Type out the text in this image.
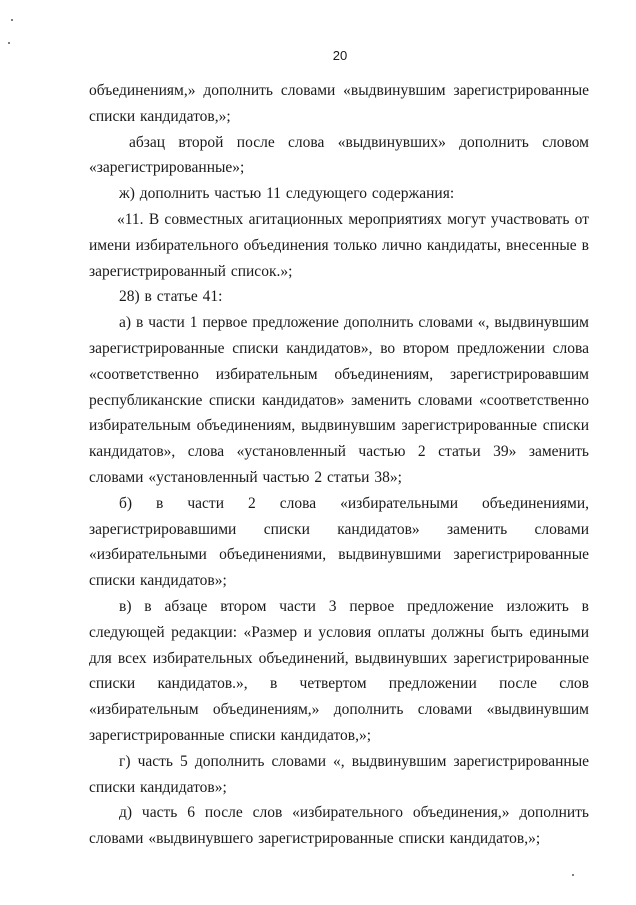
20

объединениям,» дополнить словами «выдвинувшим зарегистрированные списки кандидатов,»;

абзац второй после слова «выдвинувших» дополнить словом «зарегистрированные»;

ж) дополнить частью 11 следующего содержания:

«11. В совместных агитационных мероприятиях могут участвовать от имени избирательного объединения только лично кандидаты, внесенные в зарегистрированный список.»;

28) в статье 41:

а) в части 1 первое предложение дополнить словами «, выдвинувшим зарегистрированные списки кандидатов», во втором предложении слова «соответственно избирательным объединениям, зарегистрировавшим республиканские списки кандидатов» заменить словами «соответственно избирательным объединениям, выдвинувшим зарегистрированные списки кандидатов», слова «установленный частью 2 статьи 39» заменить словами «установленный частью 2 статьи 38»;

б) в части 2 слова «избирательными объединениями, зарегистрировавшими списки кандидатов» заменить словами «избирательными объединениями, выдвинувшими зарегистрированные списки кандидатов»;

в) в абзаце втором части 3 первое предложение изложить в следующей редакции: «Размер и условия оплаты должны быть едиными для всех избирательных объединений, выдвинувших зарегистрированные списки кандидатов.», в четвертом предложении после слов «избирательным объединениям,» дополнить словами «выдвинувшим зарегистрированные списки кандидатов,»;

г) часть 5 дополнить словами «, выдвинувшим зарегистрированные списки кандидатов»;

д) часть 6 после слов «избирательного объединения,» дополнить словами «выдвинувшего зарегистрированные списки кандидатов,»;
